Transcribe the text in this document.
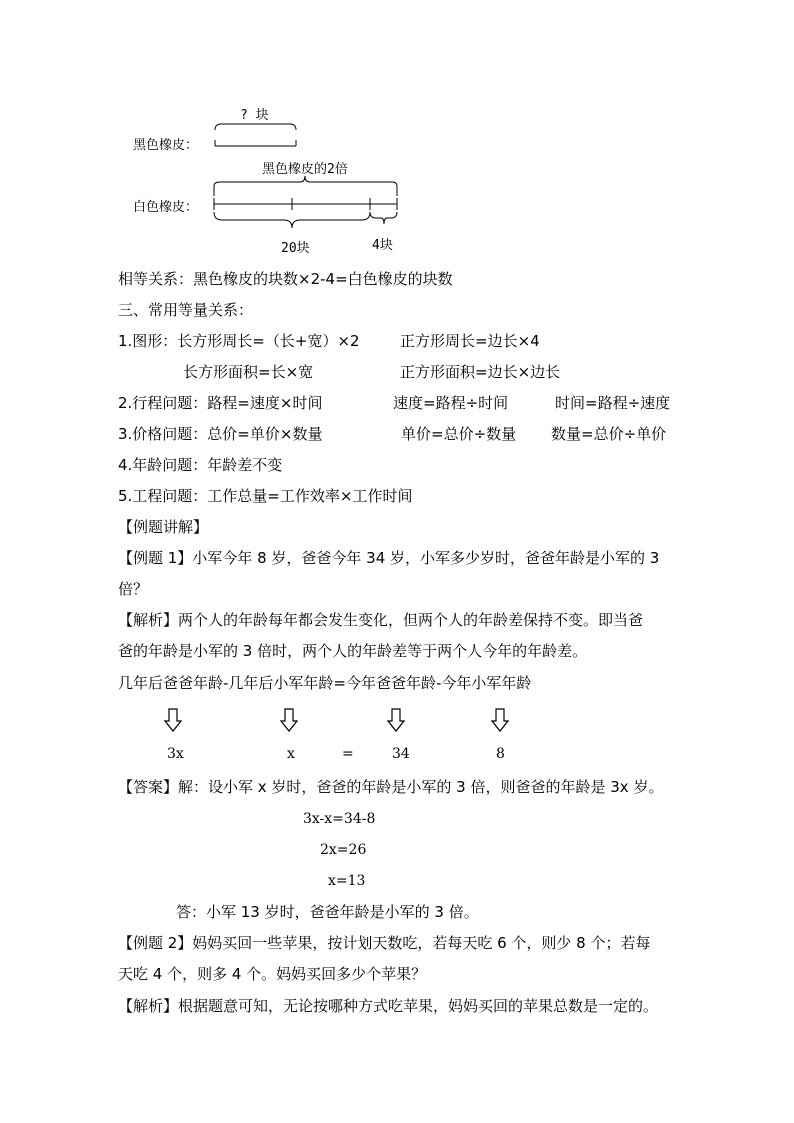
? 块
黑色橡皮：
黑色橡皮的2倍
白色橡皮：
20块	4块
相等关系：黑色橡皮的块数×2-4=白色橡皮的块数
三、常用等量关系：
1.图形：长方形周长=（长+宽）×2	正方形周长=边长×4
长方形面积=长×宽	正方形面积=边长×边长
2.行程问题：路程=速度×时间	速度=路程÷时间	时间=路程÷速度
3.价格问题：总价=单价×数量	单价=总价÷数量 数量=总价÷单价
4.年龄问题：年龄差不变
5.工程问题：工作总量=工作效率×工作时间
【例题讲解】
【例题 1】小军今年 8 岁，爸爸今年 34 岁，小军多少岁时，爸爸年龄是小军的 3
倍？
【解析】两个人的年龄每年都会发生变化，但两个人的年龄差保持不变。即当爸
爸的年龄是小军的 3 倍时，两个人的年龄差等于两个人今年的年龄差。
几年后爸爸年龄-几年后小军年龄=今年爸爸年龄-今年小军年龄
3x	x	=	34	8
【答案】解：设小军 x 岁时，爸爸的年龄是小军的 3 倍，则爸爸的年龄是 3x 岁。
3x-x=34-8
2x=26
x=13
答：小军 13 岁时，爸爸年龄是小军的 3 倍。
【例题 2】妈妈买回一些苹果，按计划天数吃，若每天吃 6 个，则少 8 个；若每
天吃 4 个，则多 4 个。妈妈买回多少个苹果？
【解析】根据题意可知，无论按哪种方式吃苹果，妈妈买回的苹果总数是一定的。
